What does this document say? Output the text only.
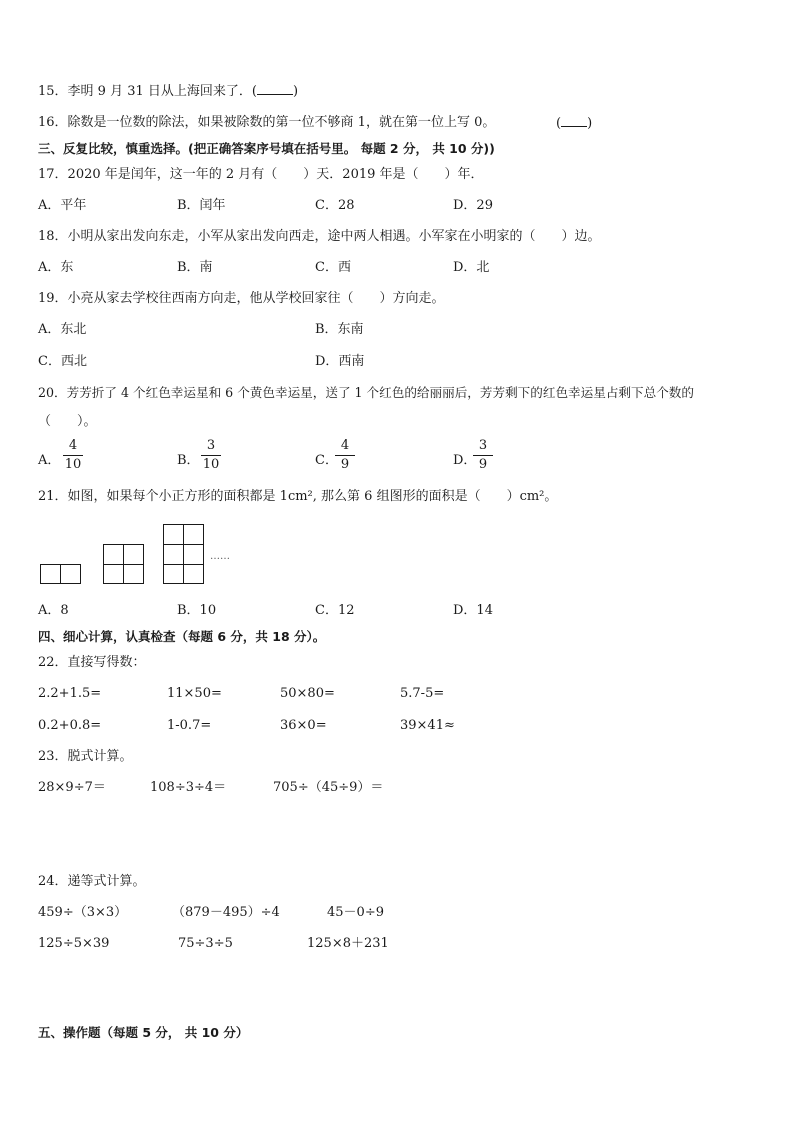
15．李明 9 月 31 日从上海回来了．(	)
16．除数是一位数的除法，如果被除数的第一位不够商 1，就在第一位上写 0。	( )
三、反复比较，慎重选择。(把正确答案序号填在括号里。 每题 2 分， 共 10 分))
17．2020 年是闰年，这一年的 2 月有（　　）天．2019 年是（　　）年．
A．平年	B．闰年	C．28	D．29
18．小明从家出发向东走，小军从家出发向西走，途中两人相遇。小军家在小明家的（　　）边。
A．东	B．南	C．西	D．北
19．小亮从家去学校往西南方向走，他从学校回家往（　　）方向走。
A．东北	B．东南
C．西北	D．西南
20．芳芳折了 4 个红色幸运星和 6 个黄色幸运星，送了 1 个红色的给丽丽后，芳芳剩下的红色幸运星占剩下总个数的
（　　）。
A．
4
10	B．
3
10	C．
4
9	D．
3
9
21．如图，如果每个小正方形的面积都是 1cm², 那么第 6 组图形的面积是（　　）cm²。
……
A．8	B．10	C．12	D．14
四、细心计算，认真检查（每题 6 分，共 18 分）。
22．直接写得数：
2.2+1.5=	11×50=	50×80=	5.7-5=
0.2+0.8=	1-0.7=	36×0=	39×41≈
23．脱式计算。
28×9÷7＝	108÷3÷4＝	705÷（45÷9）＝
24．递等式计算。
459÷（3×3）	（879－495）÷4	45－0÷9
125÷5×39	75÷3÷5	125×8＋231
五、操作题（每题 5 分， 共 10 分）
